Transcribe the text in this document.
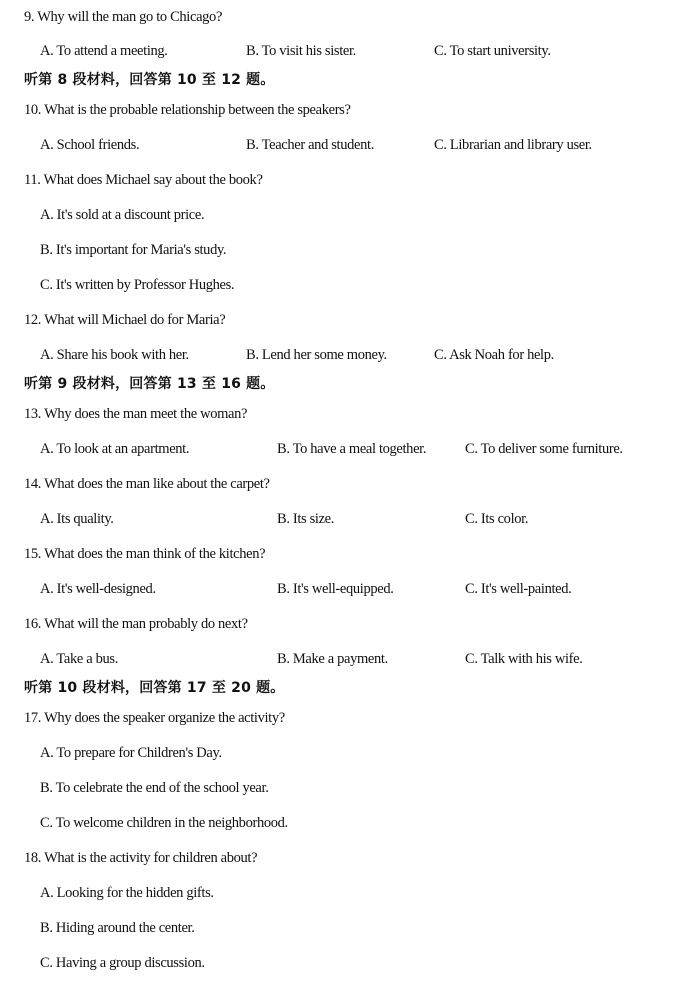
9. Why will the man go to Chicago?
A. To attend a meeting.	B. To visit his sister.	C. To start university.
听第 8 段材料，回答第 10 至 12 题。
10. What is the probable relationship between the speakers?
A. School friends.	B. Teacher and student.	C. Librarian and library user.
11. What does Michael say about the book?
A. It's sold at a discount price.
B. It's important for Maria's study.
C. It's written by Professor Hughes.
12. What will Michael do for Maria?
A. Share his book with her.	B. Lend her some money.	C. Ask Noah for help.
听第 9 段材料，回答第 13 至 16 题。
13. Why does the man meet the woman?
A. To look at an apartment.	B. To have a meal together.	C. To deliver some furniture.
14. What does the man like about the carpet?
A. Its quality.	B. Its size.	C. Its color.
15. What does the man think of the kitchen?
A. It's well-designed.	B. It's well-equipped.	C. It's well-painted.
16. What will the man probably do next?
A. Take a bus.	B. Make a payment.	C. Talk with his wife.
听第 10 段材料，回答第 17 至 20 题。
17. Why does the speaker organize the activity?
A. To prepare for Children's Day.
B. To celebrate the end of the school year.
C. To welcome children in the neighborhood.
18. What is the activity for children about?
A. Looking for the hidden gifts.
B. Hiding around the center.
C. Having a group discussion.
